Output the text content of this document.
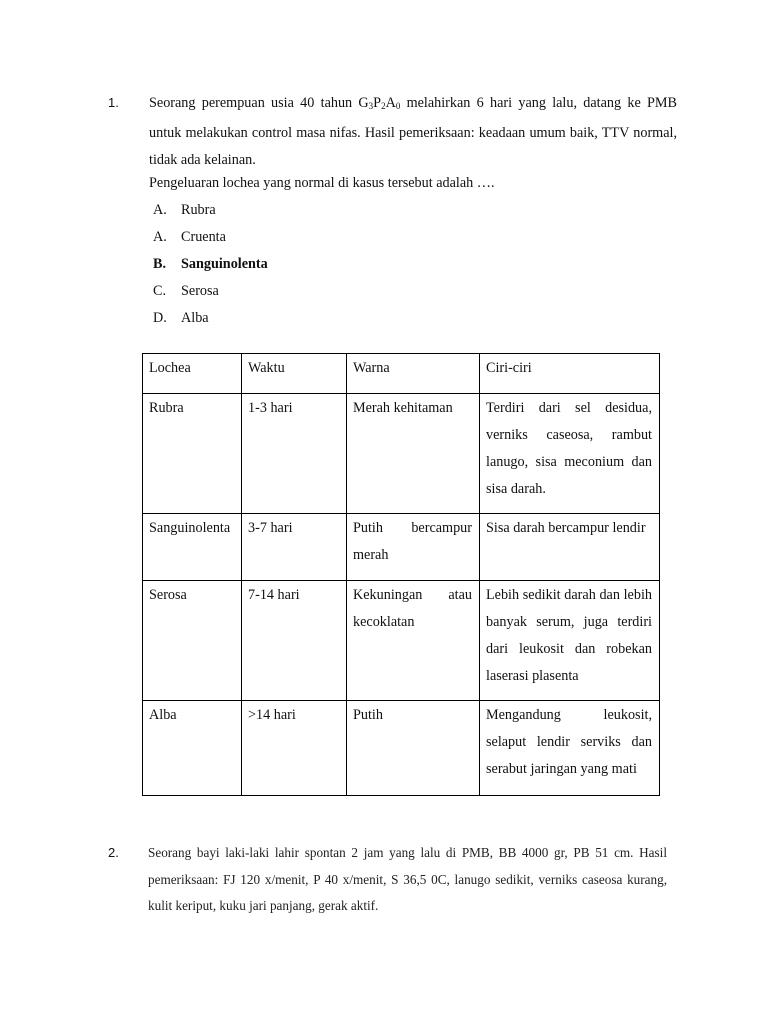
1. Seorang perempuan usia 40 tahun $G_3P_2A_0$ melahirkan 6 hari yang lalu, datang ke PMB untuk melakukan control masa nifas. Hasil pemeriksaan: keadaan umum baik, TTV normal, tidak ada kelainan.
Pengeluaran lochea yang normal di kasus tersebut adalah ….
A. Rubra
A. Cruenta
B. Sanguinolenta
C. Serosa
D. Alba
Lochea	Waktu	Warna	Ciri-ciri
Rubra	1-3 hari	Merah kehitaman	Terdiri dari sel desidua, verniks caseosa, rambut lanugo, sisa meconium dan sisa darah.
Sanguinolenta	3-7 hari	Putih bercampur merah	Sisa darah bercampur lendir
Serosa	7-14 hari	Kekuningan atau kecoklatan	Lebih sedikit darah dan lebih banyak serum, juga terdiri dari leukosit dan robekan laserasi plasenta
Alba	>14 hari	Putih	Mengandung leukosit, selaput lendir serviks dan serabut jaringan yang mati
2. Seorang bayi laki-laki lahir spontan 2 jam yang lalu di PMB, BB 4000 gr, PB 51 cm. Hasil pemeriksaan: FJ 120 x/menit, P 40 x/menit, S 36,5 0C, lanugo sedikit, verniks caseosa kurang, kulit keriput, kuku jari panjang, gerak aktif.
